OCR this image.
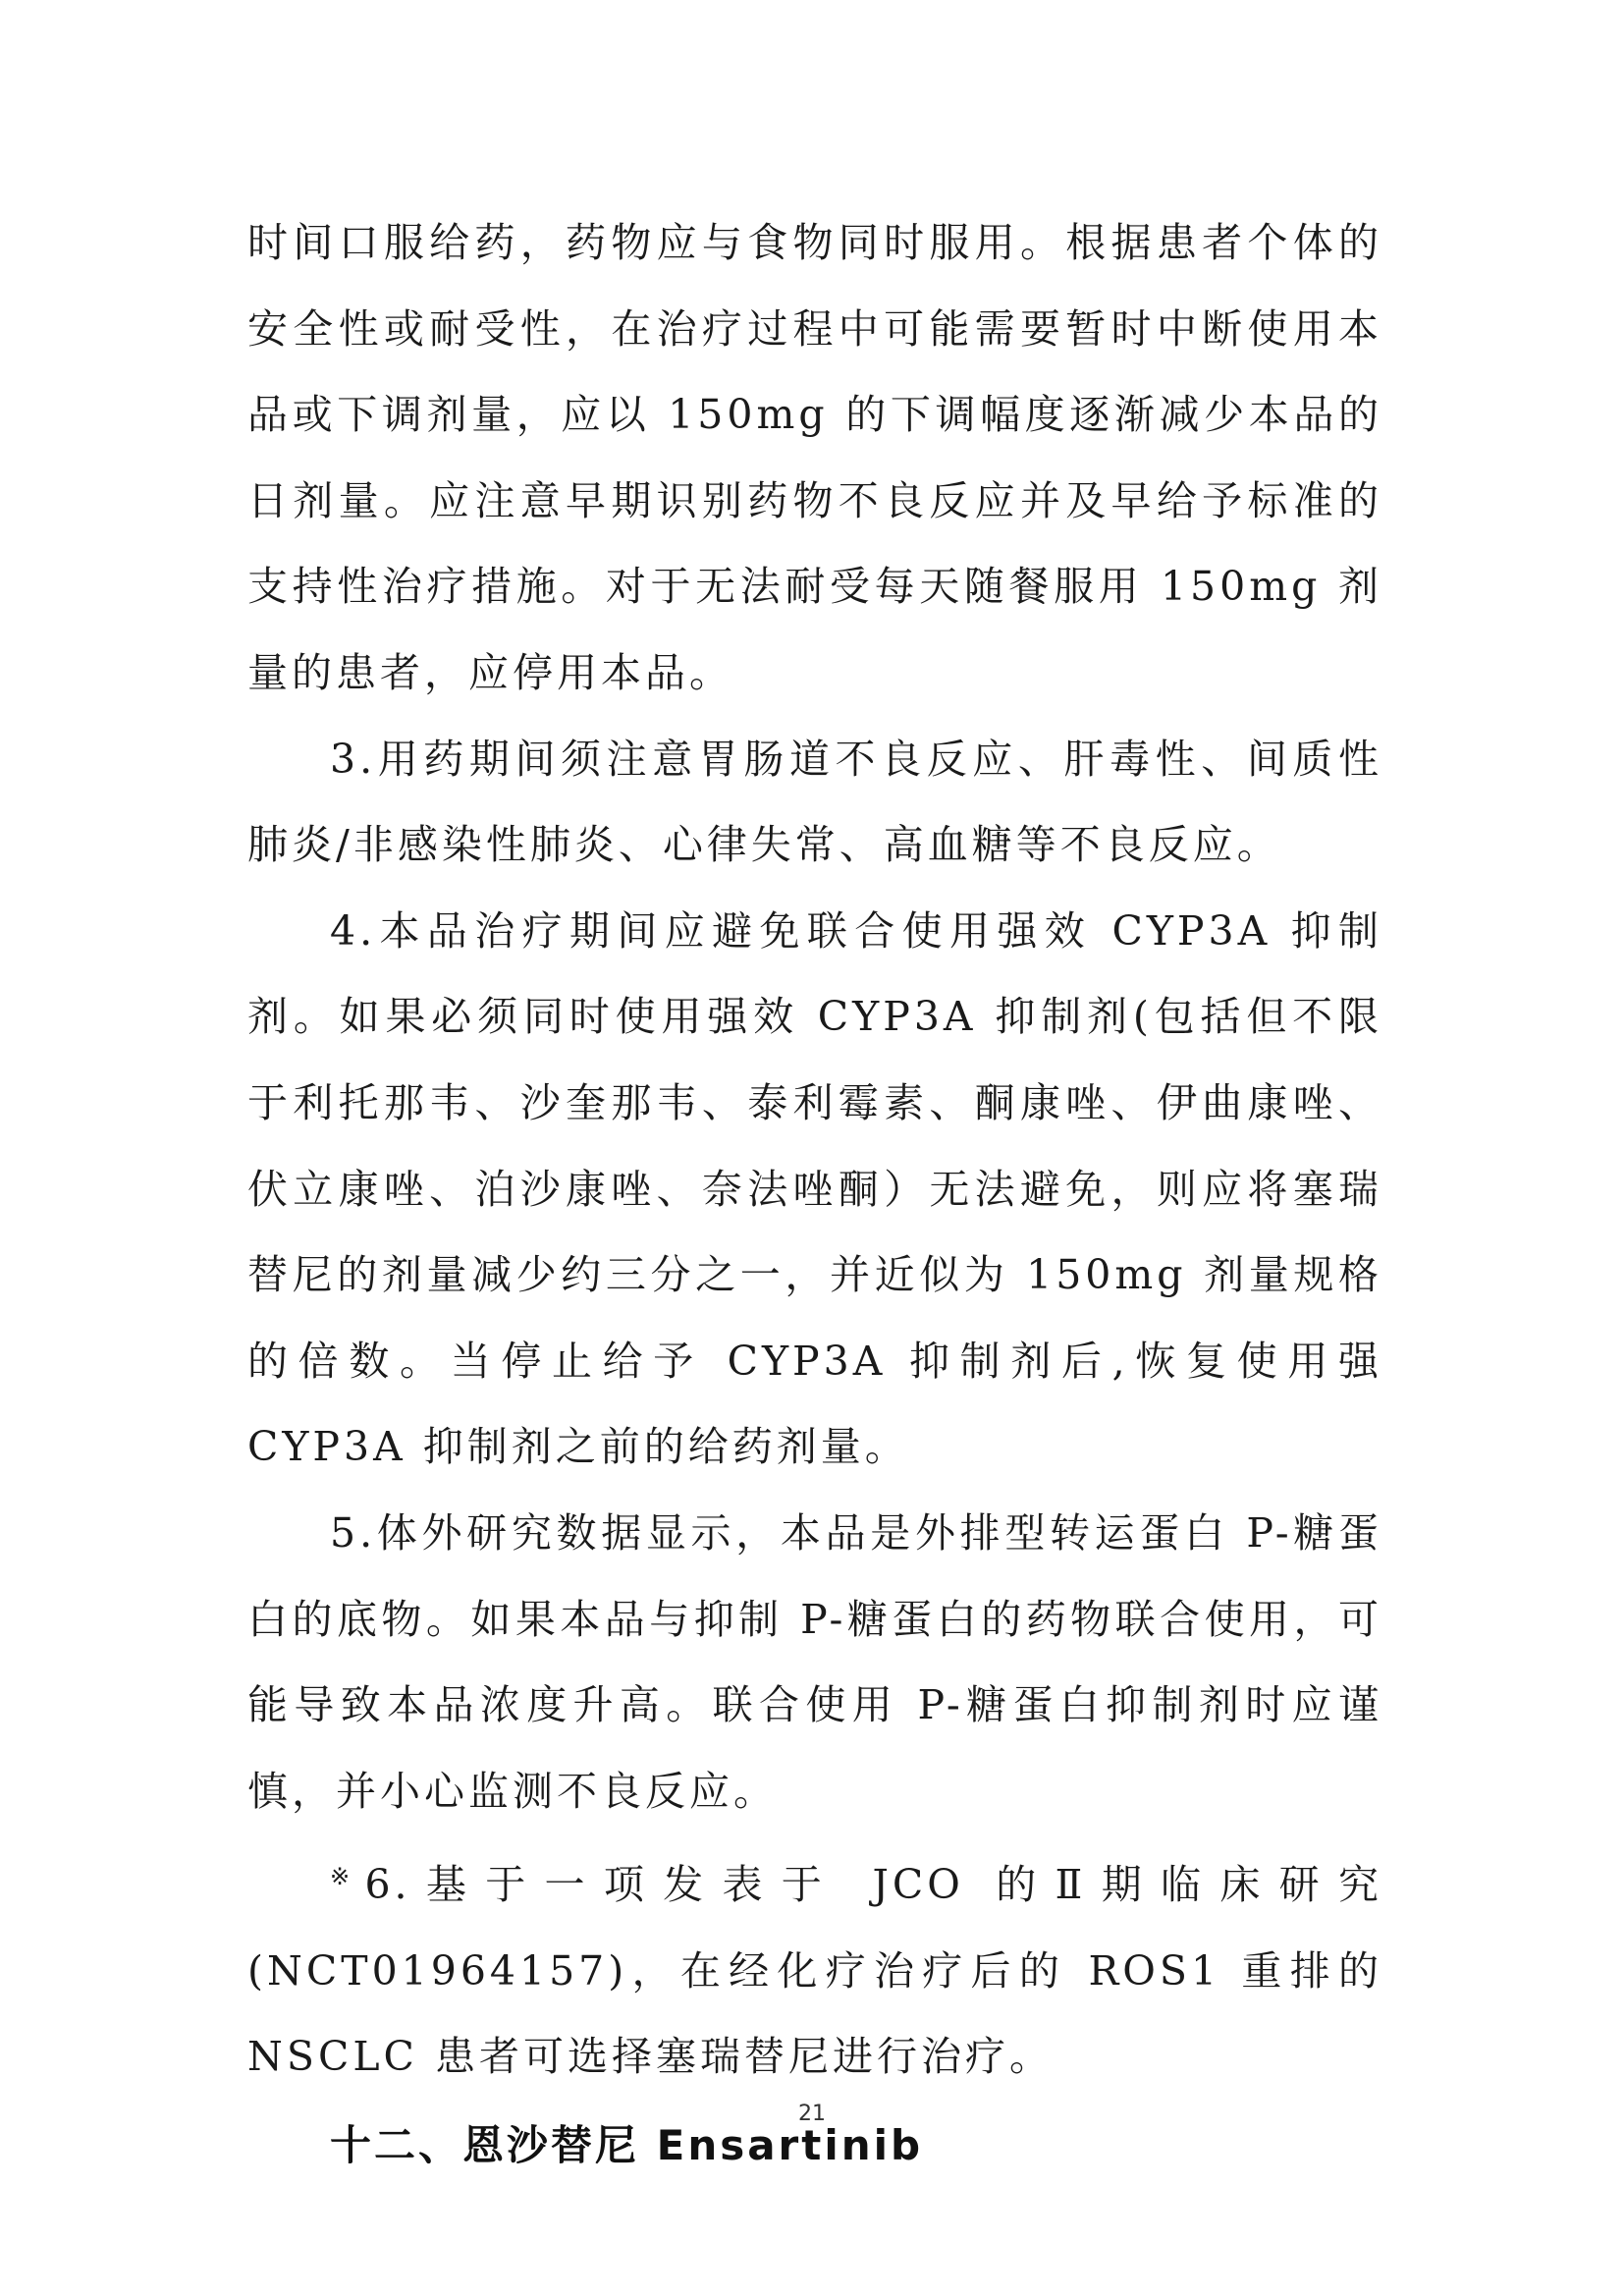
时间口服给药，药物应与食物同时服用。根据患者个体的安全性或耐受性，在治疗过程中可能需要暂时中断使用本品或下调剂量，应以 150mg 的下调幅度逐渐减少本品的日剂量。应注意早期识别药物不良反应并及早给予标准的支持性治疗措施。对于无法耐受每天随餐服用 150mg 剂量的患者，应停用本品。

3.用药期间须注意胃肠道不良反应、肝毒性、间质性肺炎/非感染性肺炎、心律失常、高血糖等不良反应。

4.本品治疗期间应避免联合使用强效 CYP3A 抑制剂。如果必须同时使用强效 CYP3A 抑制剂(包括但不限于利托那韦、沙奎那韦、泰利霉素、酮康唑、伊曲康唑、伏立康唑、泊沙康唑、奈法唑酮）无法避免，则应将塞瑞替尼的剂量减少约三分之一，并近似为 150mg 剂量规格的倍数。当停止给予 CYP3A 抑制剂后,恢复使用强 CYP3A 抑制剂之前的给药剂量。

5.体外研究数据显示，本品是外排型转运蛋白 P-糖蛋白的底物。如果本品与抑制 P-糖蛋白的药物联合使用，可能导致本品浓度升高。联合使用 P-糖蛋白抑制剂时应谨慎，并小心监测不良反应。

※6.基于一项发表于 JCO 的Ⅱ期临床研究(NCT01964157)，在经化疗治疗后的 ROS1 重排的 NSCLC 患者可选择塞瑞替尼进行治疗。

十二、恩沙替尼 Ensartinib
21
